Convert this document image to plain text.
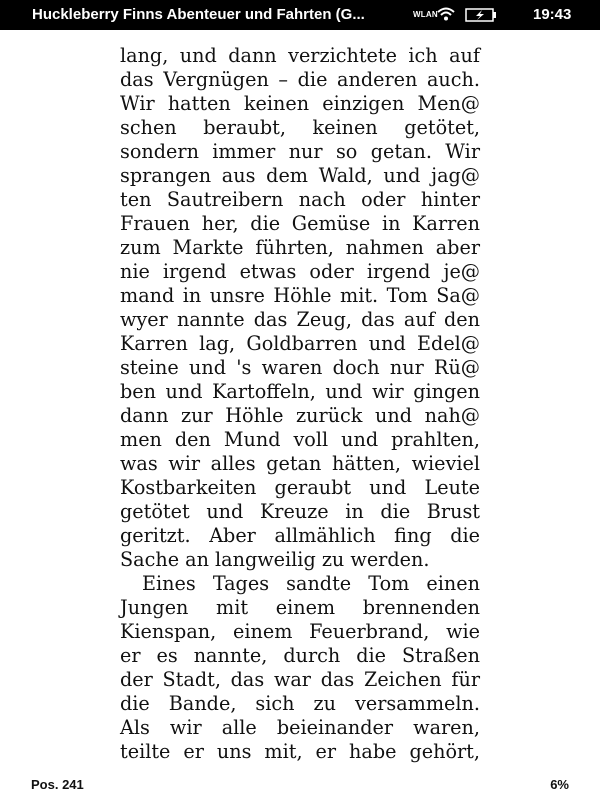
Huckleberry Finns Abenteuer und Fahrten (G...	WLAN	19:43
lang, und dann verzichtete ich auf
das Vergnügen – die anderen auch.
Wir hatten keinen einzigen Men@
schen beraubt, keinen getötet,
sondern immer nur so getan. Wir
sprangen aus dem Wald, und jag@
ten Sautreibern nach oder hinter
Frauen her, die Gemüse in Karren
zum Markte führten, nahmen aber
nie irgend etwas oder irgend je@
mand in unsre Höhle mit. Tom Sa@
wyer nannte das Zeug, das auf den
Karren lag, Goldbarren und Edel@
steine und 's waren doch nur Rü@
ben und Kartoffeln, und wir gingen
dann zur Höhle zurück und nah@
men den Mund voll und prahlten,
was wir alles getan hätten, wieviel
Kostbarkeiten geraubt und Leute
getötet und Kreuze in die Brust
geritzt. Aber allmählich fing die
Sache an langweilig zu werden.
Eines Tages sandte Tom einen
Jungen mit einem brennenden
Kienspan, einem Feuerbrand, wie
er es nannte, durch die Straßen
der Stadt, das war das Zeichen für
die Bande, sich zu versammeln.
Als wir alle beieinander waren,
teilte er uns mit, er habe gehört,
Pos. 241	6%
